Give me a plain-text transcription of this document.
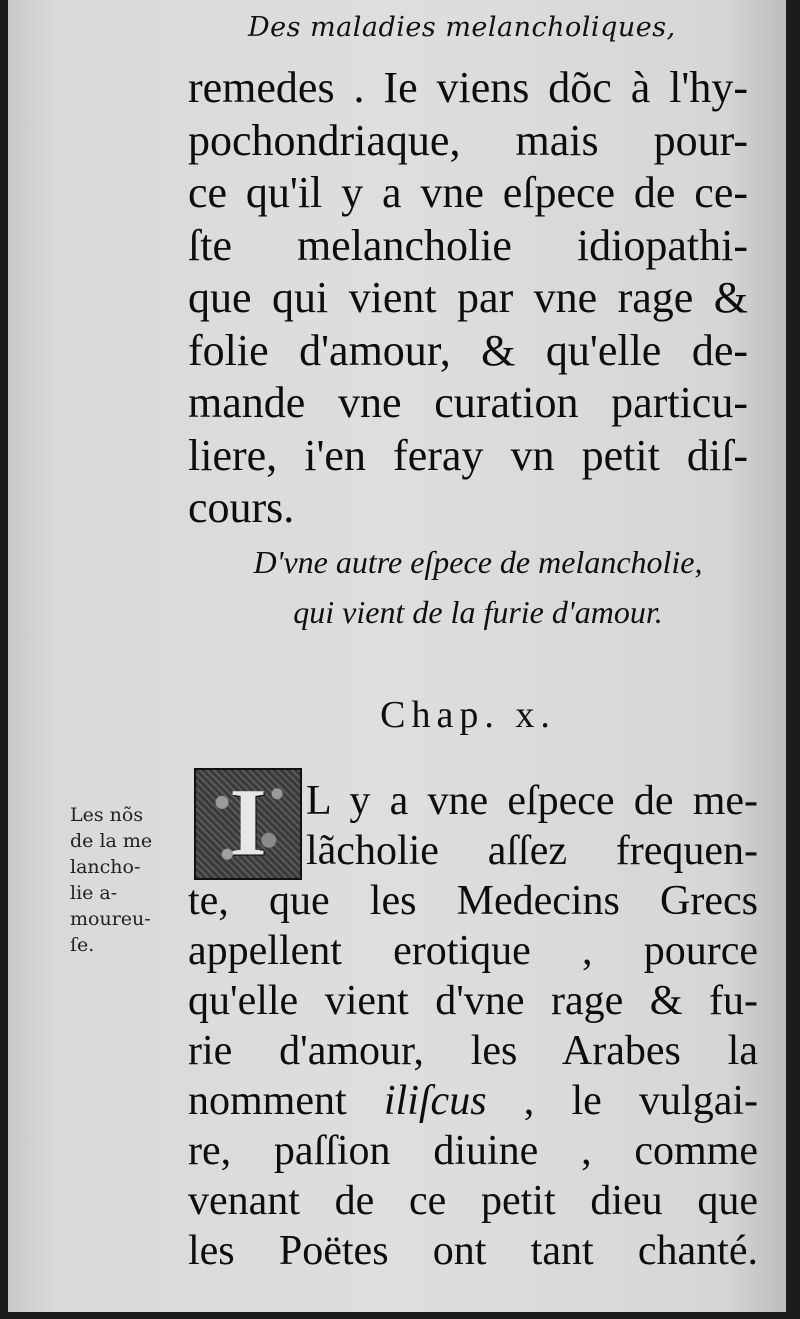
Des maladies melancholiques,
remedes . Ie viens dõc à l'hy-
pochondriaque, mais pour-
ce qu'il y a vne eſpece de ce-
ſte melancholie idiopathi-
que qui vient par vne rage &
folie d'amour, & qu'elle de-
mande vne curation particu-
liere, i'en feray vn petit diſ-
cours.
D'vne autre eſpece de melancholie,
qui vient de la furie d'amour.
Chap. x.
I L y a vne eſpece de me-
lãcholie aſſez frequen-
te, que les Medecins Grecs
appellent erotique , pource
qu'elle vient d'vne rage & fu-
rie d'amour, les Arabes la
nomment iliſcus , le vulgai-
re, paſſion diuine , comme
venant de ce petit dieu que
les Poëtes ont tant chanté.
Les nõs
de la me
lancho-
lie a-
moureu-
ſe.
